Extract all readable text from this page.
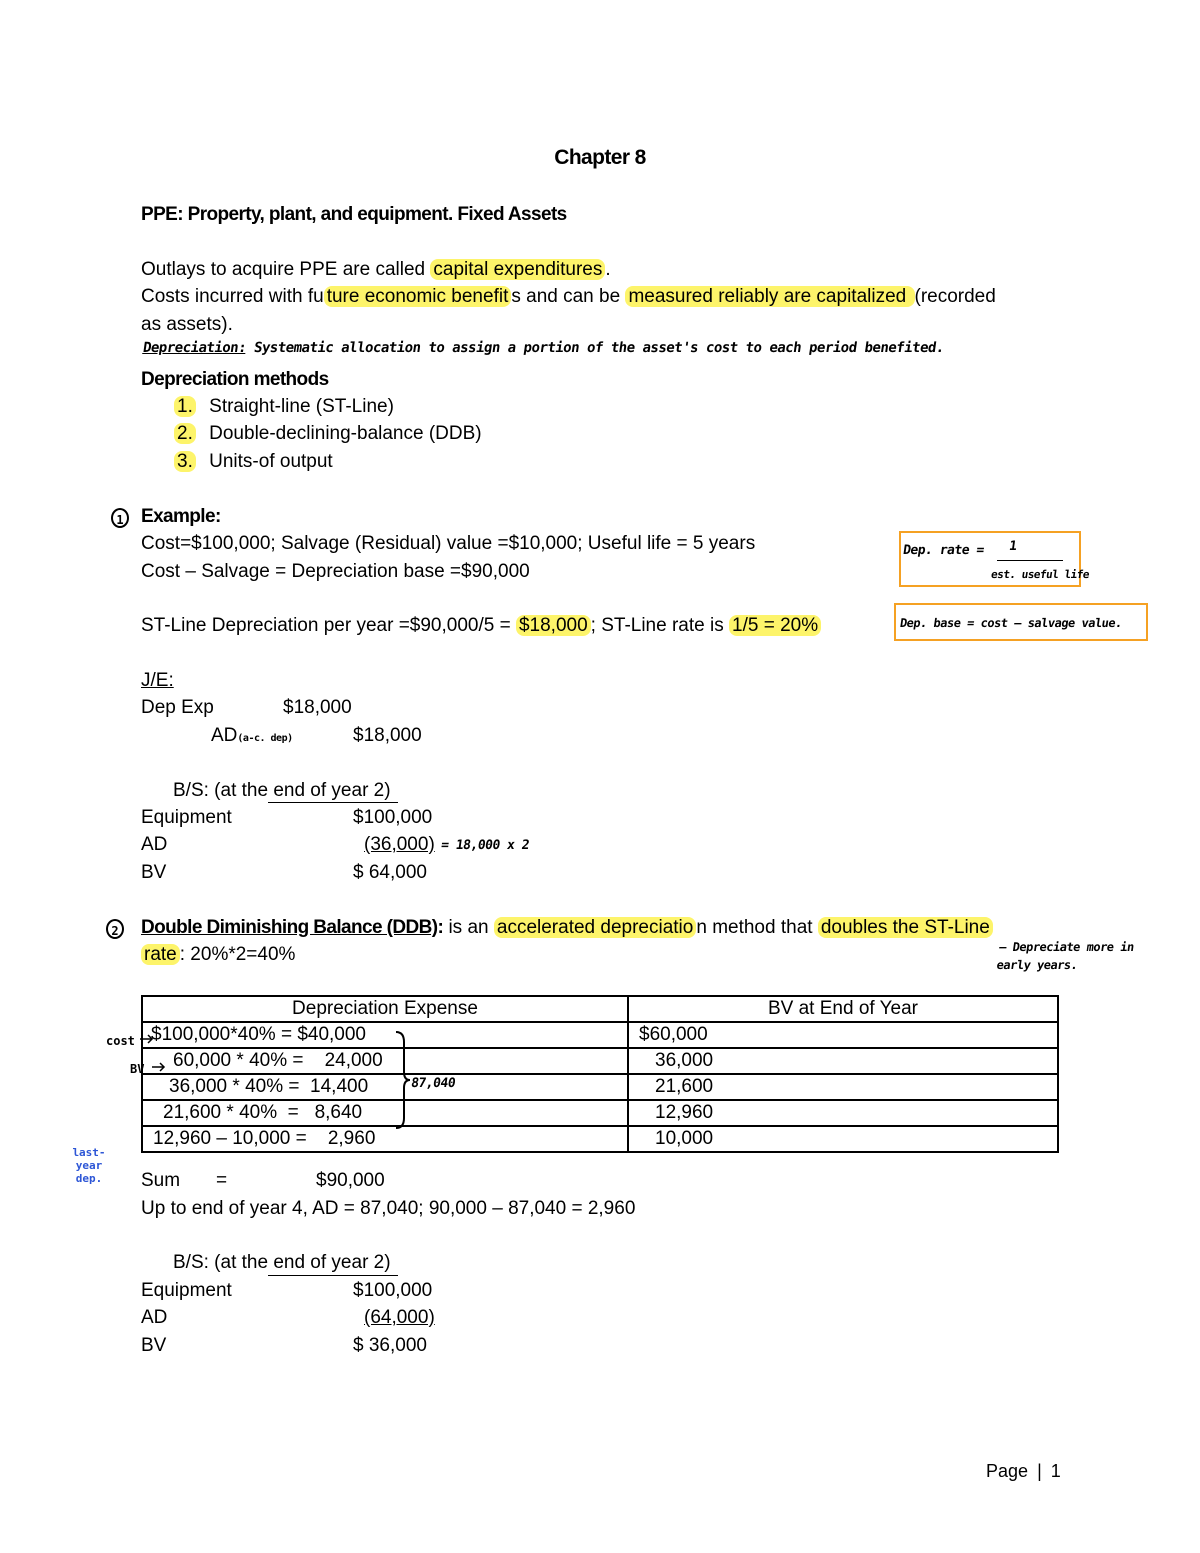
Chapter 8
PPE: Property, plant, and equipment. Fixed Assets
Outlays to acquire PPE are called capital expenditures .
Costs incurred with fu ture economic benefit s and can be measured reliably are capitalized (recorded
as assets).
Depreciation: Systematic allocation to assign a portion of the asset's cost to each period benefited.
Depreciation methods
1. Straight-line (ST-Line)
2. Double-declining-balance (DDB)
3. Units-of output
1 Example:
Cost=$100,000; Salvage (Residual) value =$10,000; Useful life = 5 years
Cost – Salvage = Depreciation base =$90,000
ST-Line Depreciation per year =$90,000/5 = $18,000 ; ST-Line rate is 1/5 = 20%
Dep. rate = 1
est. useful life
Dep. base = cost – salvage value.
J/E:
Dep Exp	$18,000
AD(a-c. dep)	$18,000
B/S: (at the end of year 2)
Equipment	$100,000
AD	(36,000) = 18,000 x 2
BV	$ 64,000
2 Double Diminishing Balance (DDB): is an accelerated depreciatio n method that doubles the ST-Line
rate : 20%*2=40%	– Depreciate more in early years.
Depreciation Expense	BV at End of Year
$100,000*40% = $40,000	$60,000
60,000 * 40% =    24,000	36,000
36,000 * 40% =  14,400	21,600
21,600 * 40%  =   8,640	12,960
12,960 – 10,000 =    2,960	10,000
cost
BV
last-year dep.
87,040
Sum =	$90,000
Up to end of year 4, AD = 87,040; 90,000 – 87,040 = 2,960
B/S: (at the end of year 2)
Equipment	$100,000
AD	(64,000)
BV	$ 36,000
Page | 1
